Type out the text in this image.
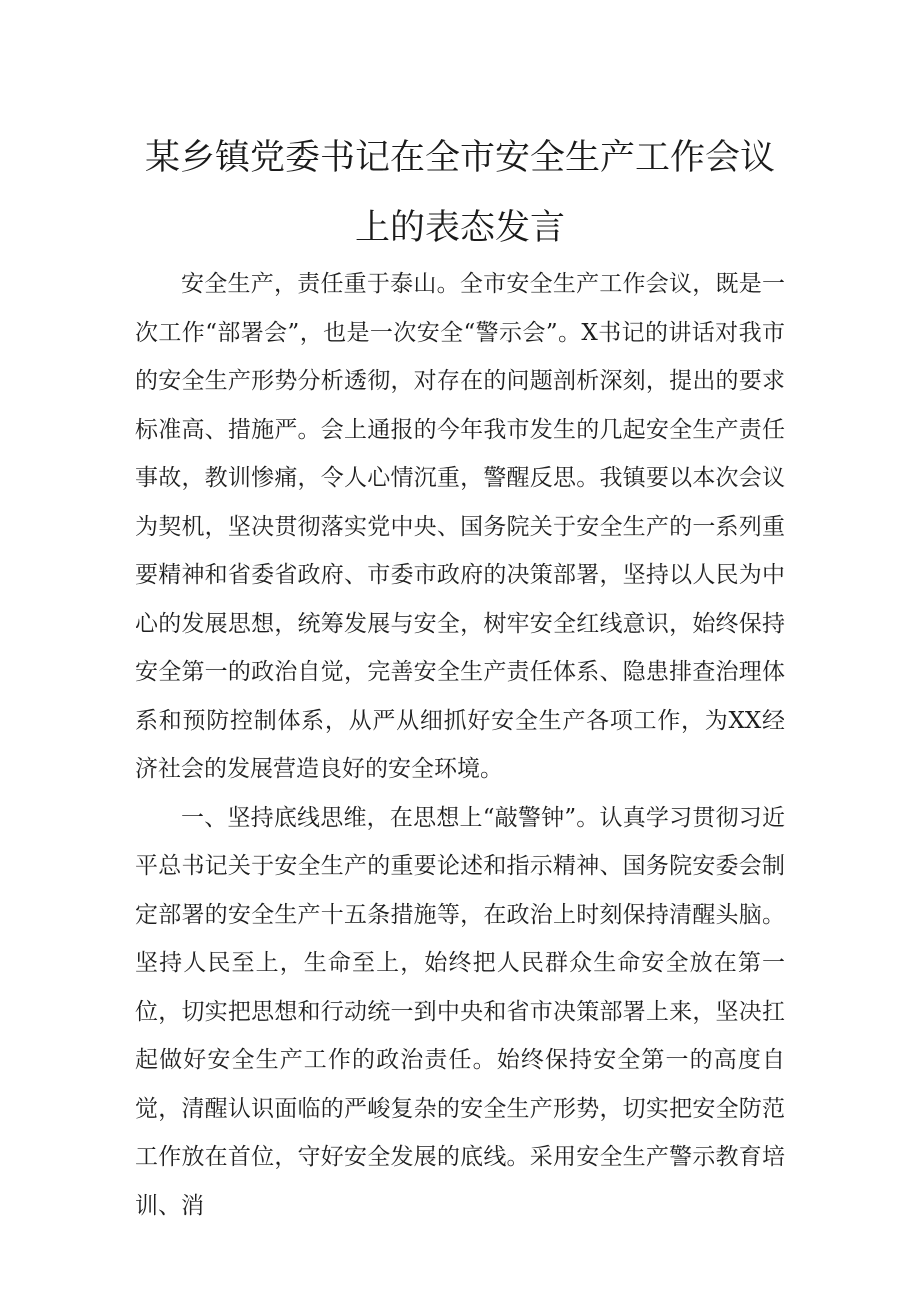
某乡镇党委书记在全市安全生产工作会议
上的表态发言

安全生产，责任重于泰山。全市安全生产工作会议，既是一次工作“部署会”，也是一次安全“警示会”。X书记的讲话对我市的安全生产形势分析透彻，对存在的问题剖析深刻，提出的要求标准高、措施严。会上通报的今年我市发生的几起安全生产责任事故，教训惨痛，令人心情沉重，警醒反思。我镇要以本次会议为契机，坚决贯彻落实党中央、国务院关于安全生产的一系列重要精神和省委省政府、市委市政府的决策部署，坚持以人民为中心的发展思想，统筹发展与安全，树牢安全红线意识，始终保持安全第一的政治自觉，完善安全生产责任体系、隐患排查治理体系和预防控制体系，从严从细抓好安全生产各项工作，为XX经济社会的发展营造良好的安全环境。

一、坚持底线思维，在思想上“敲警钟”。认真学习贯彻习近平总书记关于安全生产的重要论述和指示精神、国务院安委会制定部署的安全生产十五条措施等，在政治上时刻保持清醒头脑。坚持人民至上，生命至上，始终把人民群众生命安全放在第一位，切实把思想和行动统一到中央和省市决策部署上来，坚决扛起做好安全生产工作的政治责任。始终保持安全第一的高度自觉，清醒认识面临的严峻复杂的安全生产形势，切实把安全防范工作放在首位，守好安全发展的底线。采用安全生产警示教育培训、消
